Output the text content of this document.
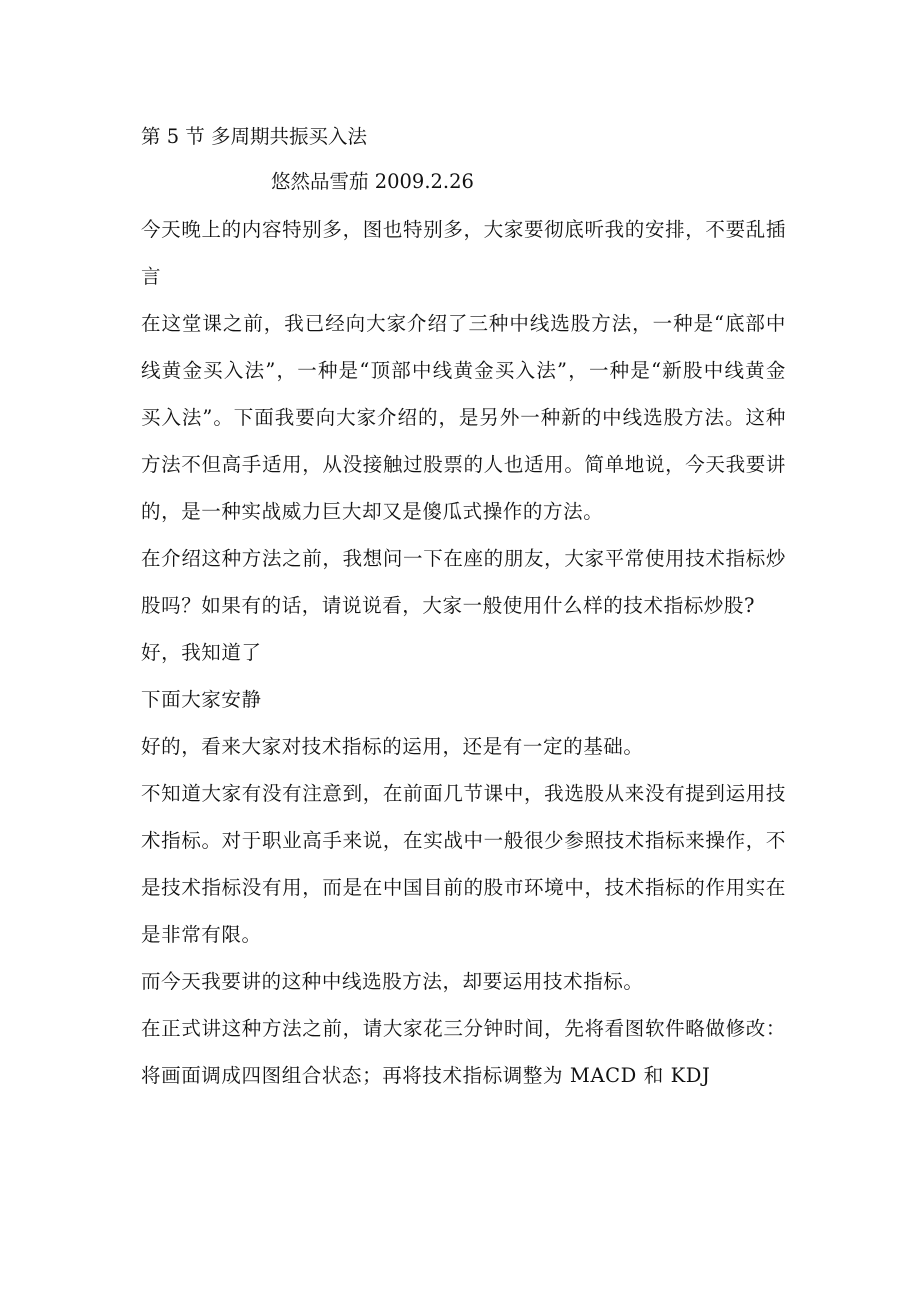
第 5 节 多周期共振买入法
悠然品雪茄 2009.2.26

今天晚上的内容特别多，图也特别多，大家要彻底听我的安排，不要乱插言

在这堂课之前，我已经向大家介绍了三种中线选股方法，一种是“底部中线黄金买入法”，一种是“顶部中线黄金买入法”，一种是“新股中线黄金买入法”。下面我要向大家介绍的，是另外一种新的中线选股方法。这种方法不但高手适用，从没接触过股票的人也适用。简单地说，今天我要讲的，是一种实战威力巨大却又是傻瓜式操作的方法。

在介绍这种方法之前，我想问一下在座的朋友，大家平常使用技术指标炒股吗？如果有的话，请说说看，大家一般使用什么样的技术指标炒股?

好，我知道了

下面大家安静

好的，看来大家对技术指标的运用，还是有一定的基础。

不知道大家有没有注意到，在前面几节课中，我选股从来没有提到运用技术指标。对于职业高手来说，在实战中一般很少参照技术指标来操作，不是技术指标没有用，而是在中国目前的股市环境中，技术指标的作用实在是非常有限。

而今天我要讲的这种中线选股方法，却要运用技术指标。

在正式讲这种方法之前，请大家花三分钟时间，先将看图软件略做修改：将画面调成四图组合状态；再将技术指标调整为 MACD 和 KDJ
